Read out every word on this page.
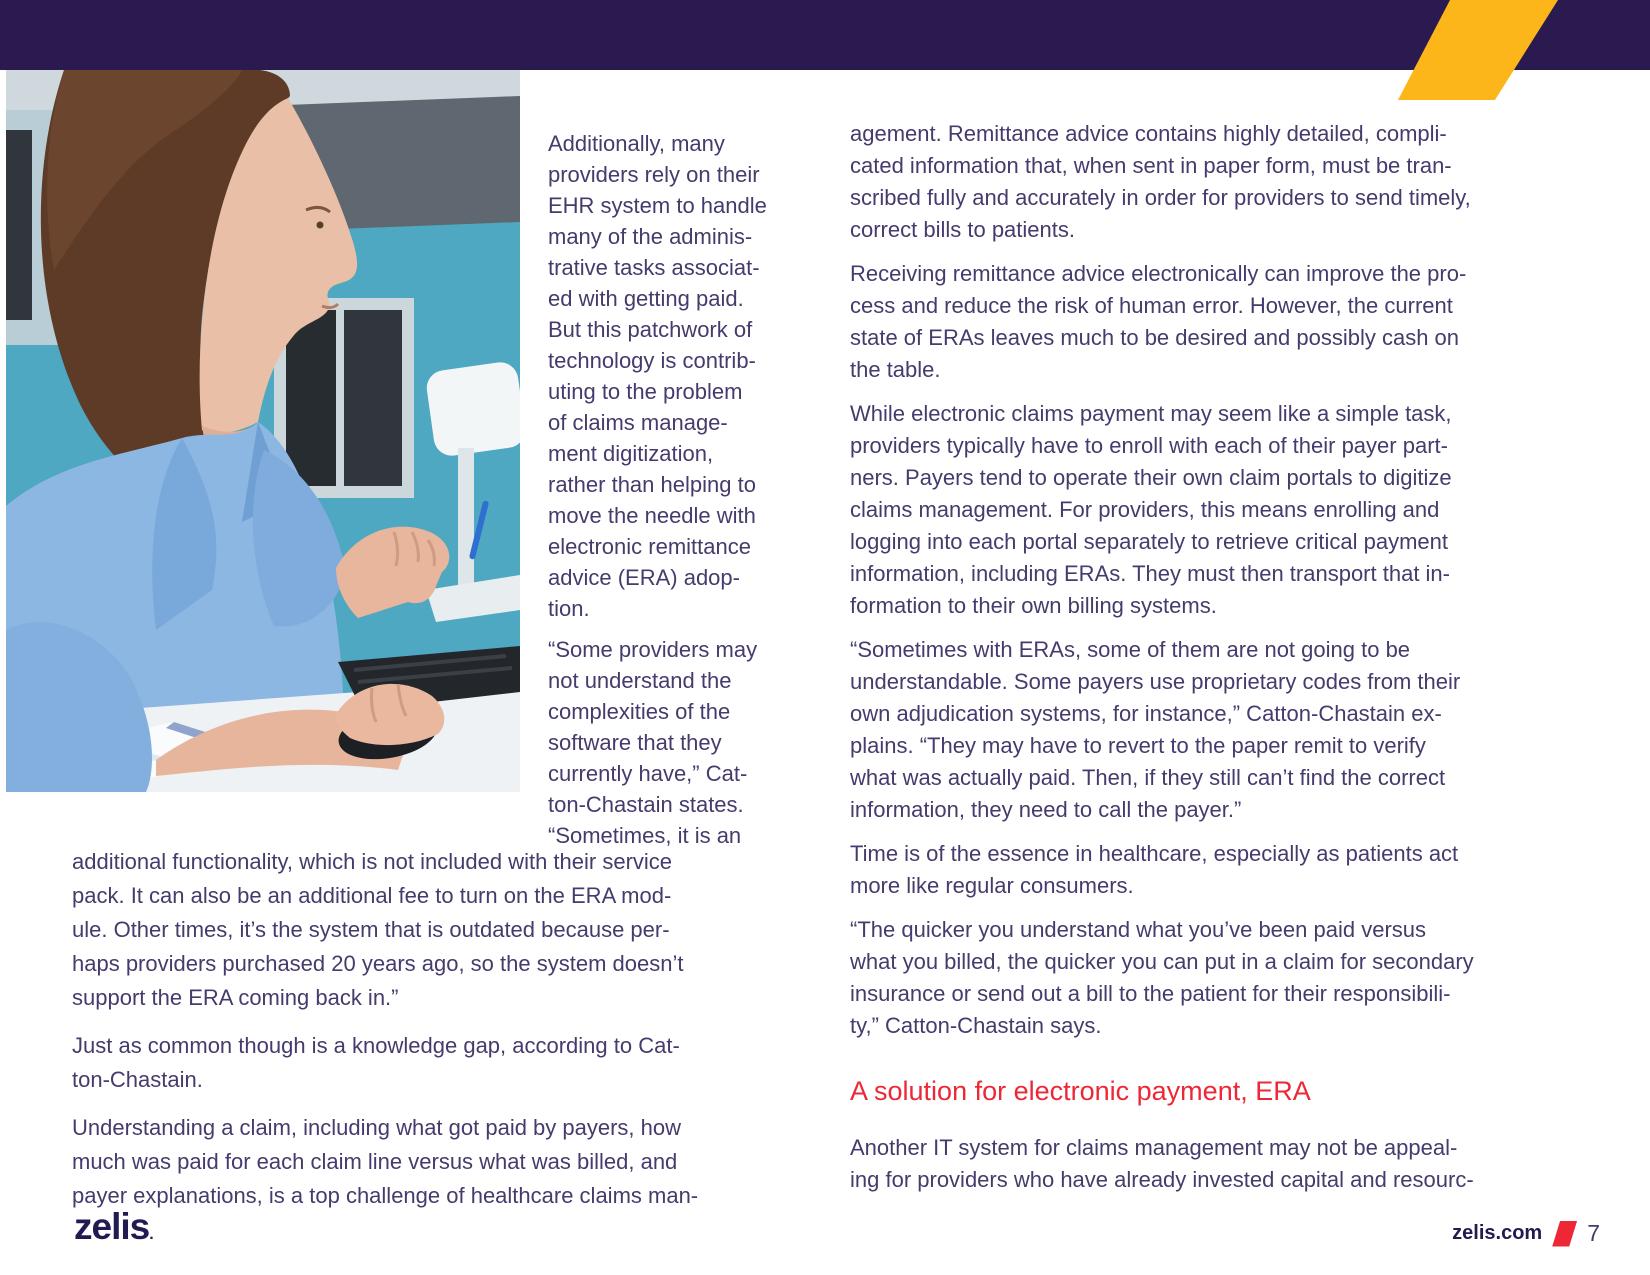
Additionally, many
providers rely on their
EHR system to handle
many of the adminis-
trative tasks associat-
ed with getting paid.
But this patchwork of
technology is contrib-
uting to the problem
of claims manage-
ment digitization,
rather than helping to
move the needle with
electronic remittance
advice (ERA) adop-
tion.

“Some providers may
not understand the
complexities of the
software that they
currently have,” Cat-
ton-Chastain states.
“Sometimes, it is an

additional functionality, which is not included with their service
pack. It can also be an additional fee to turn on the ERA mod-
ule. Other times, it’s the system that is outdated because per-
haps providers purchased 20 years ago, so the system doesn’t
support the ERA coming back in.”

Just as common though is a knowledge gap, according to Cat-
ton-Chastain.

Understanding a claim, including what got paid by payers, how
much was paid for each claim line versus what was billed, and
payer explanations, is a top challenge of healthcare claims man-

agement. Remittance advice contains highly detailed, compli-
cated information that, when sent in paper form, must be tran-
scribed fully and accurately in order for providers to send timely,
correct bills to patients.

Receiving remittance advice electronically can improve the pro-
cess and reduce the risk of human error. However, the current
state of ERAs leaves much to be desired and possibly cash on
the table.

While electronic claims payment may seem like a simple task,
providers typically have to enroll with each of their payer part-
ners. Payers tend to operate their own claim portals to digitize
claims management. For providers, this means enrolling and
logging into each portal separately to retrieve critical payment
information, including ERAs. They must then transport that in-
formation to their own billing systems.

“Sometimes with ERAs, some of them are not going to be
understandable. Some payers use proprietary codes from their
own adjudication systems, for instance,” Catton-Chastain ex-
plains. “They may have to revert to the paper remit to verify
what was actually paid. Then, if they still can’t find the correct
information, they need to call the payer.”

Time is of the essence in healthcare, especially as patients act
more like regular consumers.

“The quicker you understand what you’ve been paid versus
what you billed, the quicker you can put in a claim for secondary
insurance or send out a bill to the patient for their responsibili-
ty,” Catton-Chastain says.

A solution for electronic payment, ERA

Another IT system for claims management may not be appeal-
ing for providers who have already invested capital and resourc-

zelis.	zelis.com 7
